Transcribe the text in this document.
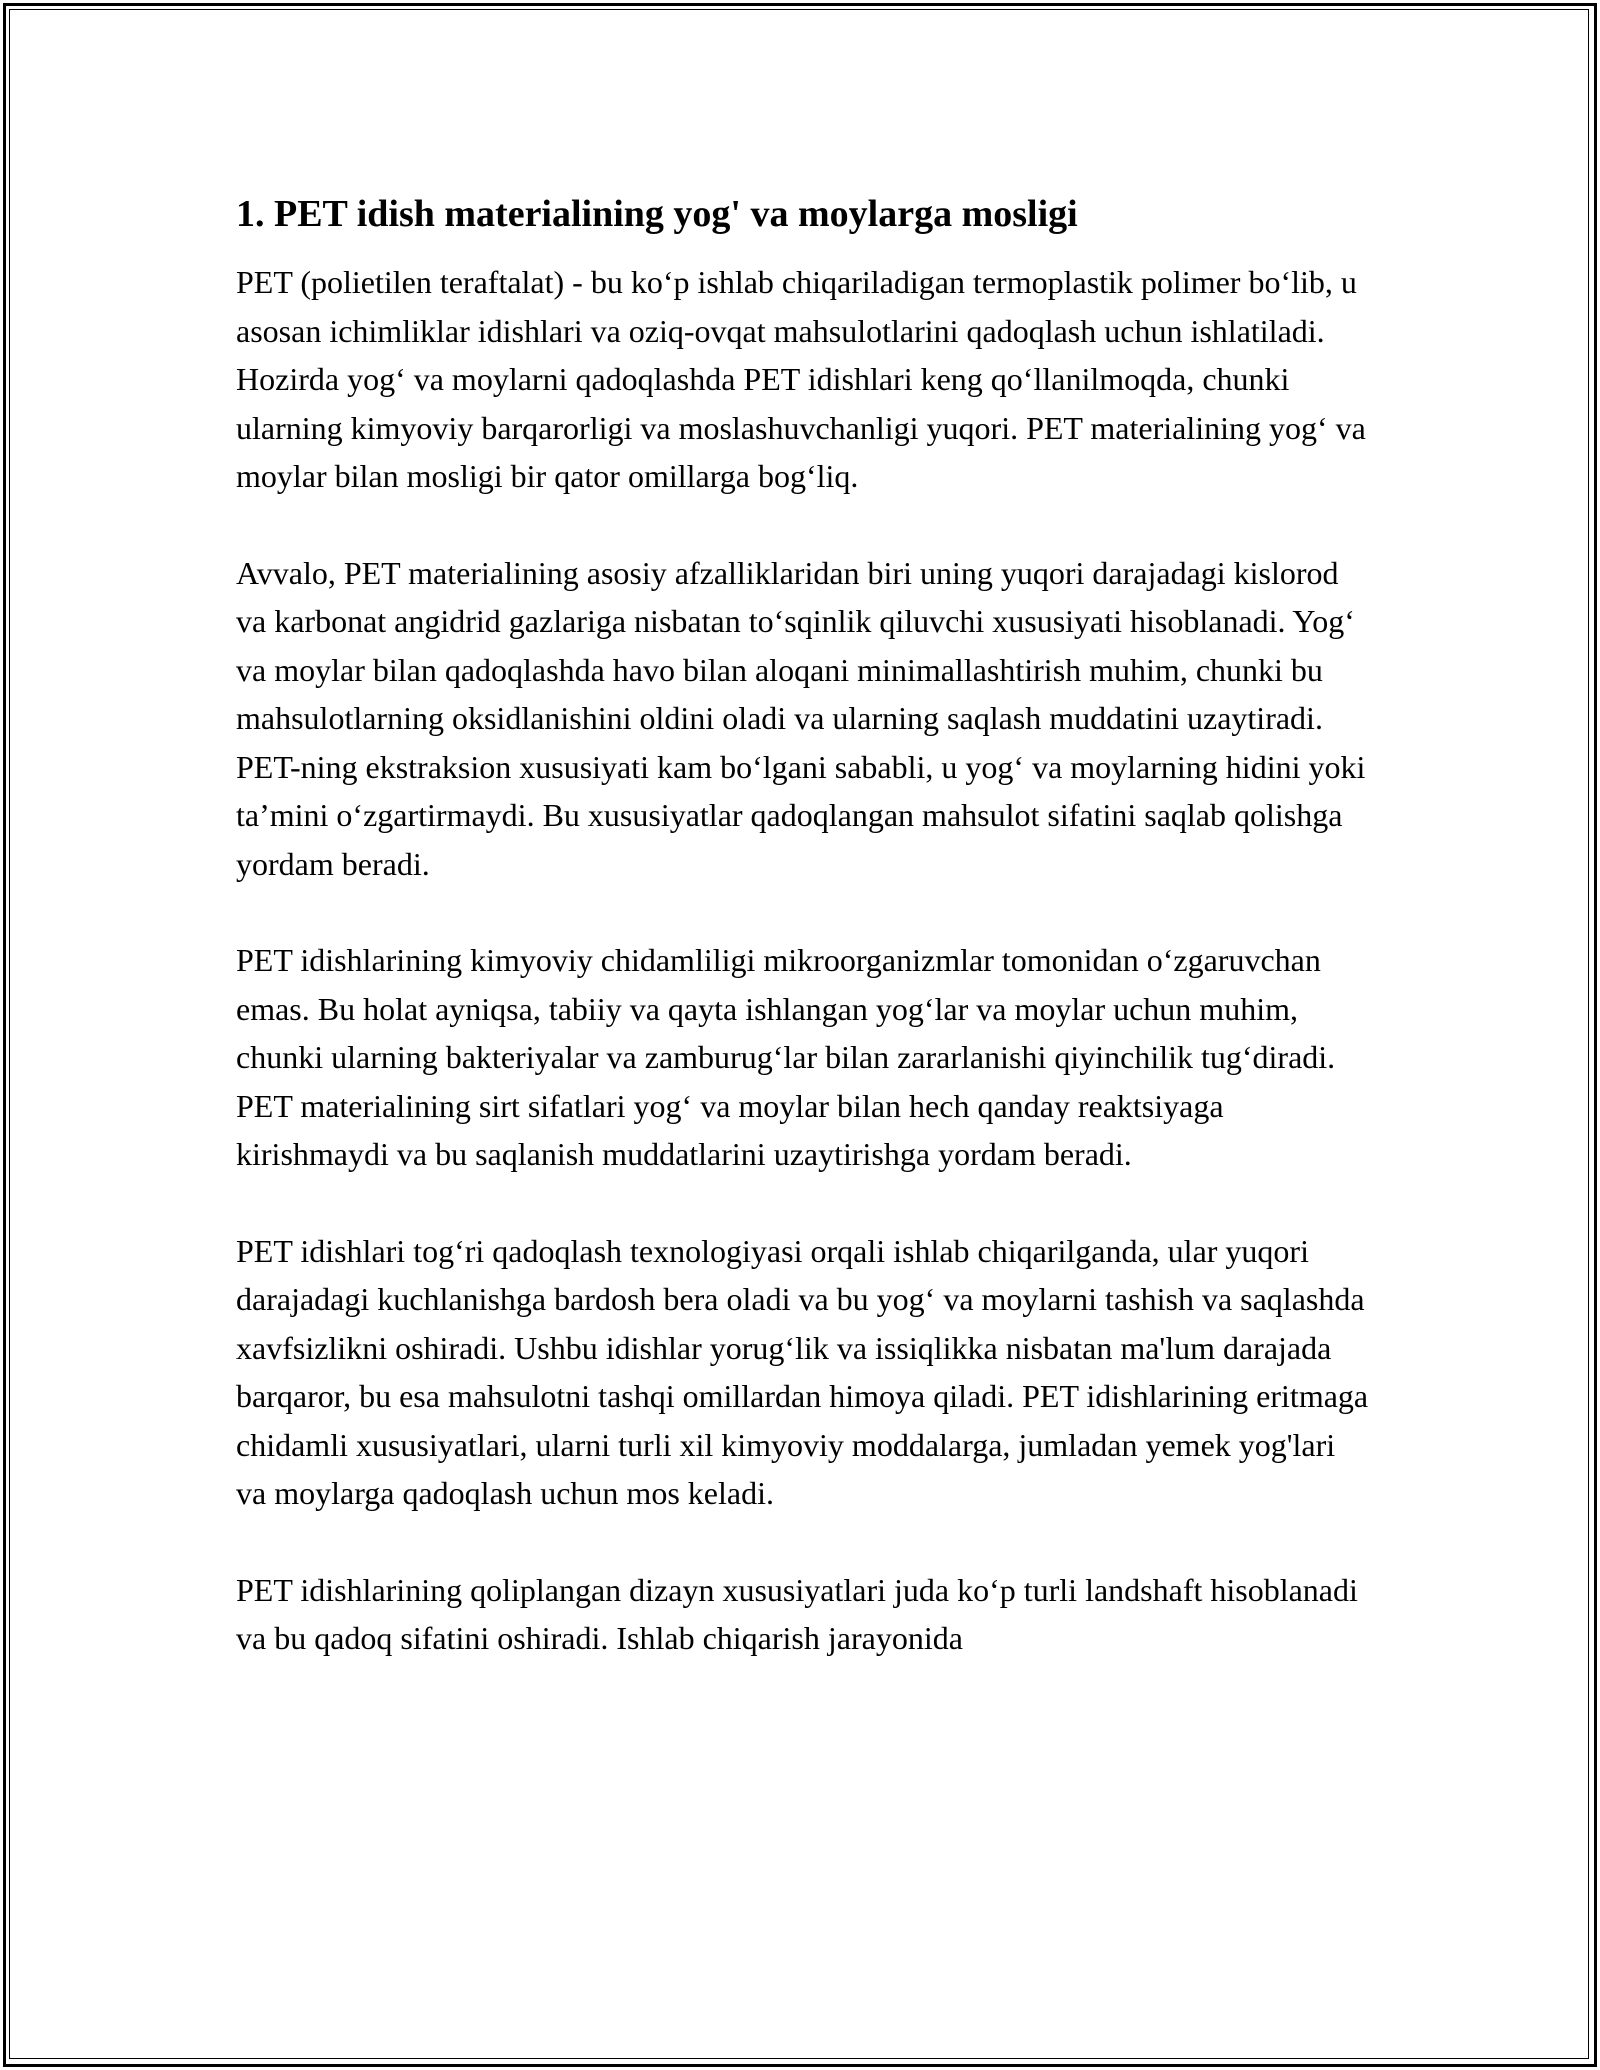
1. PET idish materialining yog' va moylarga mosligi

PET (polietilen teraftalat) - bu ko‘p ishlab chiqariladigan termoplastik polimer bo‘lib, u asosan ichimliklar idishlari va oziq-ovqat mahsulotlarini qadoqlash uchun ishlatiladi. Hozirda yog‘ va moylarni qadoqlashda PET idishlari keng qo‘llanilmoqda, chunki ularning kimyoviy barqarorligi va moslashuvchanligi yuqori. PET materialining yog‘ va moylar bilan mosligi bir qator omillarga bog‘liq.

Avvalo, PET materialining asosiy afzalliklaridan biri uning yuqori darajadagi kislorod va karbonat angidrid gazlariga nisbatan to‘sqinlik qiluvchi xususiyati hisoblanadi. Yog‘ va moylar bilan qadoqlashda havo bilan aloqani minimallashtirish muhim, chunki bu mahsulotlarning oksidlanishini oldini oladi va ularning saqlash muddatini uzaytiradi. PET-ning ekstraksion xususiyati kam bo‘lgani sababli, u yog‘ va moylarning hidini yoki ta’mini o‘zgartirmaydi. Bu xususiyatlar qadoqlangan mahsulot sifatini saqlab qolishga yordam beradi.

PET idishlarining kimyoviy chidamliligi mikroorganizmlar tomonidan o‘zgaruvchan emas. Bu holat ayniqsa, tabiiy va qayta ishlangan yog‘lar va moylar uchun muhim, chunki ularning bakteriyalar va zamburug‘lar bilan zararlanishi qiyinchilik tug‘diradi. PET materialining sirt sifatlari yog‘ va moylar bilan hech qanday reaktsiyaga kirishmaydi va bu saqlanish muddatlarini uzaytirishga yordam beradi.

PET idishlari tog‘ri qadoqlash texnologiyasi orqali ishlab chiqarilganda, ular yuqori darajadagi kuchlanishga bardosh bera oladi va bu yog‘ va moylarni tashish va saqlashda xavfsizlikni oshiradi. Ushbu idishlar yorug‘lik va issiqlikka nisbatan ma'lum darajada barqaror, bu esa mahsulotni tashqi omillardan himoya qiladi. PET idishlarining eritmaga chidamli xususiyatlari, ularni turli xil kimyoviy moddalarga, jumladan yemek yog'lari va moylarga qadoqlash uchun mos keladi.

PET idishlarining qoliplangan dizayn xususiyatlari juda ko‘p turli landshaft hisoblanadi va bu qadoq sifatini oshiradi. Ishlab chiqarish jarayonida
